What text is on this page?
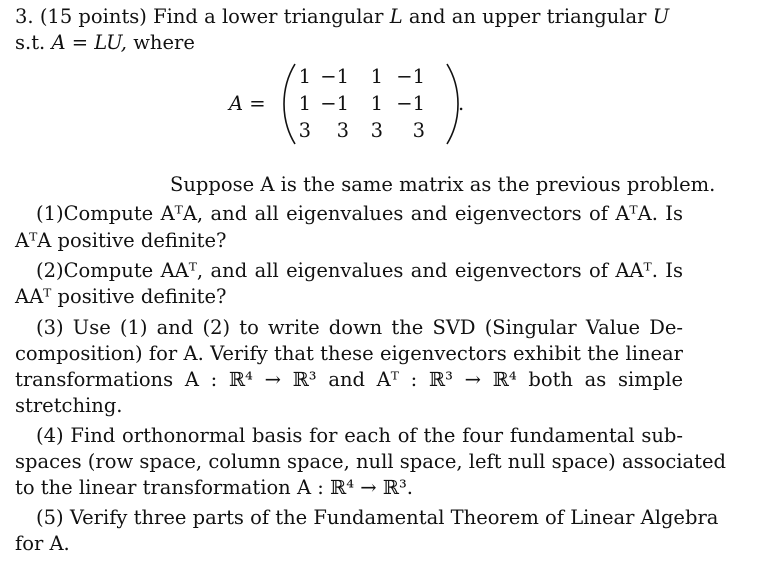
3. (15 points) Find a lower triangular L and an upper triangular U
s.t. A = LU, where
A =
1 −1	1 −1
1 −1	1 −1
3	3	3	3
.
Suppose A is the same matrix as the previous problem.
(1)Compute AᵀA, and all eigenvalues and eigenvectors of AᵀA. Is
AᵀA positive definite?
(2)Compute AAᵀ, and all eigenvalues and eigenvectors of AAᵀ. Is
AAᵀ positive definite?
(3) Use (1) and (2) to write down the SVD (Singular Value De-
composition) for A. Verify that these eigenvectors exhibit the linear
transformations A : ℝ⁴ → ℝ³ and Aᵀ : ℝ³ → ℝ⁴ both as simple
stretching.
(4) Find orthonormal basis for each of the four fundamental sub-
spaces (row space, column space, null space, left null space) associated
to the linear transformation A : ℝ⁴ → ℝ³.
(5) Verify three parts of the Fundamental Theorem of Linear Algebra
for A.
